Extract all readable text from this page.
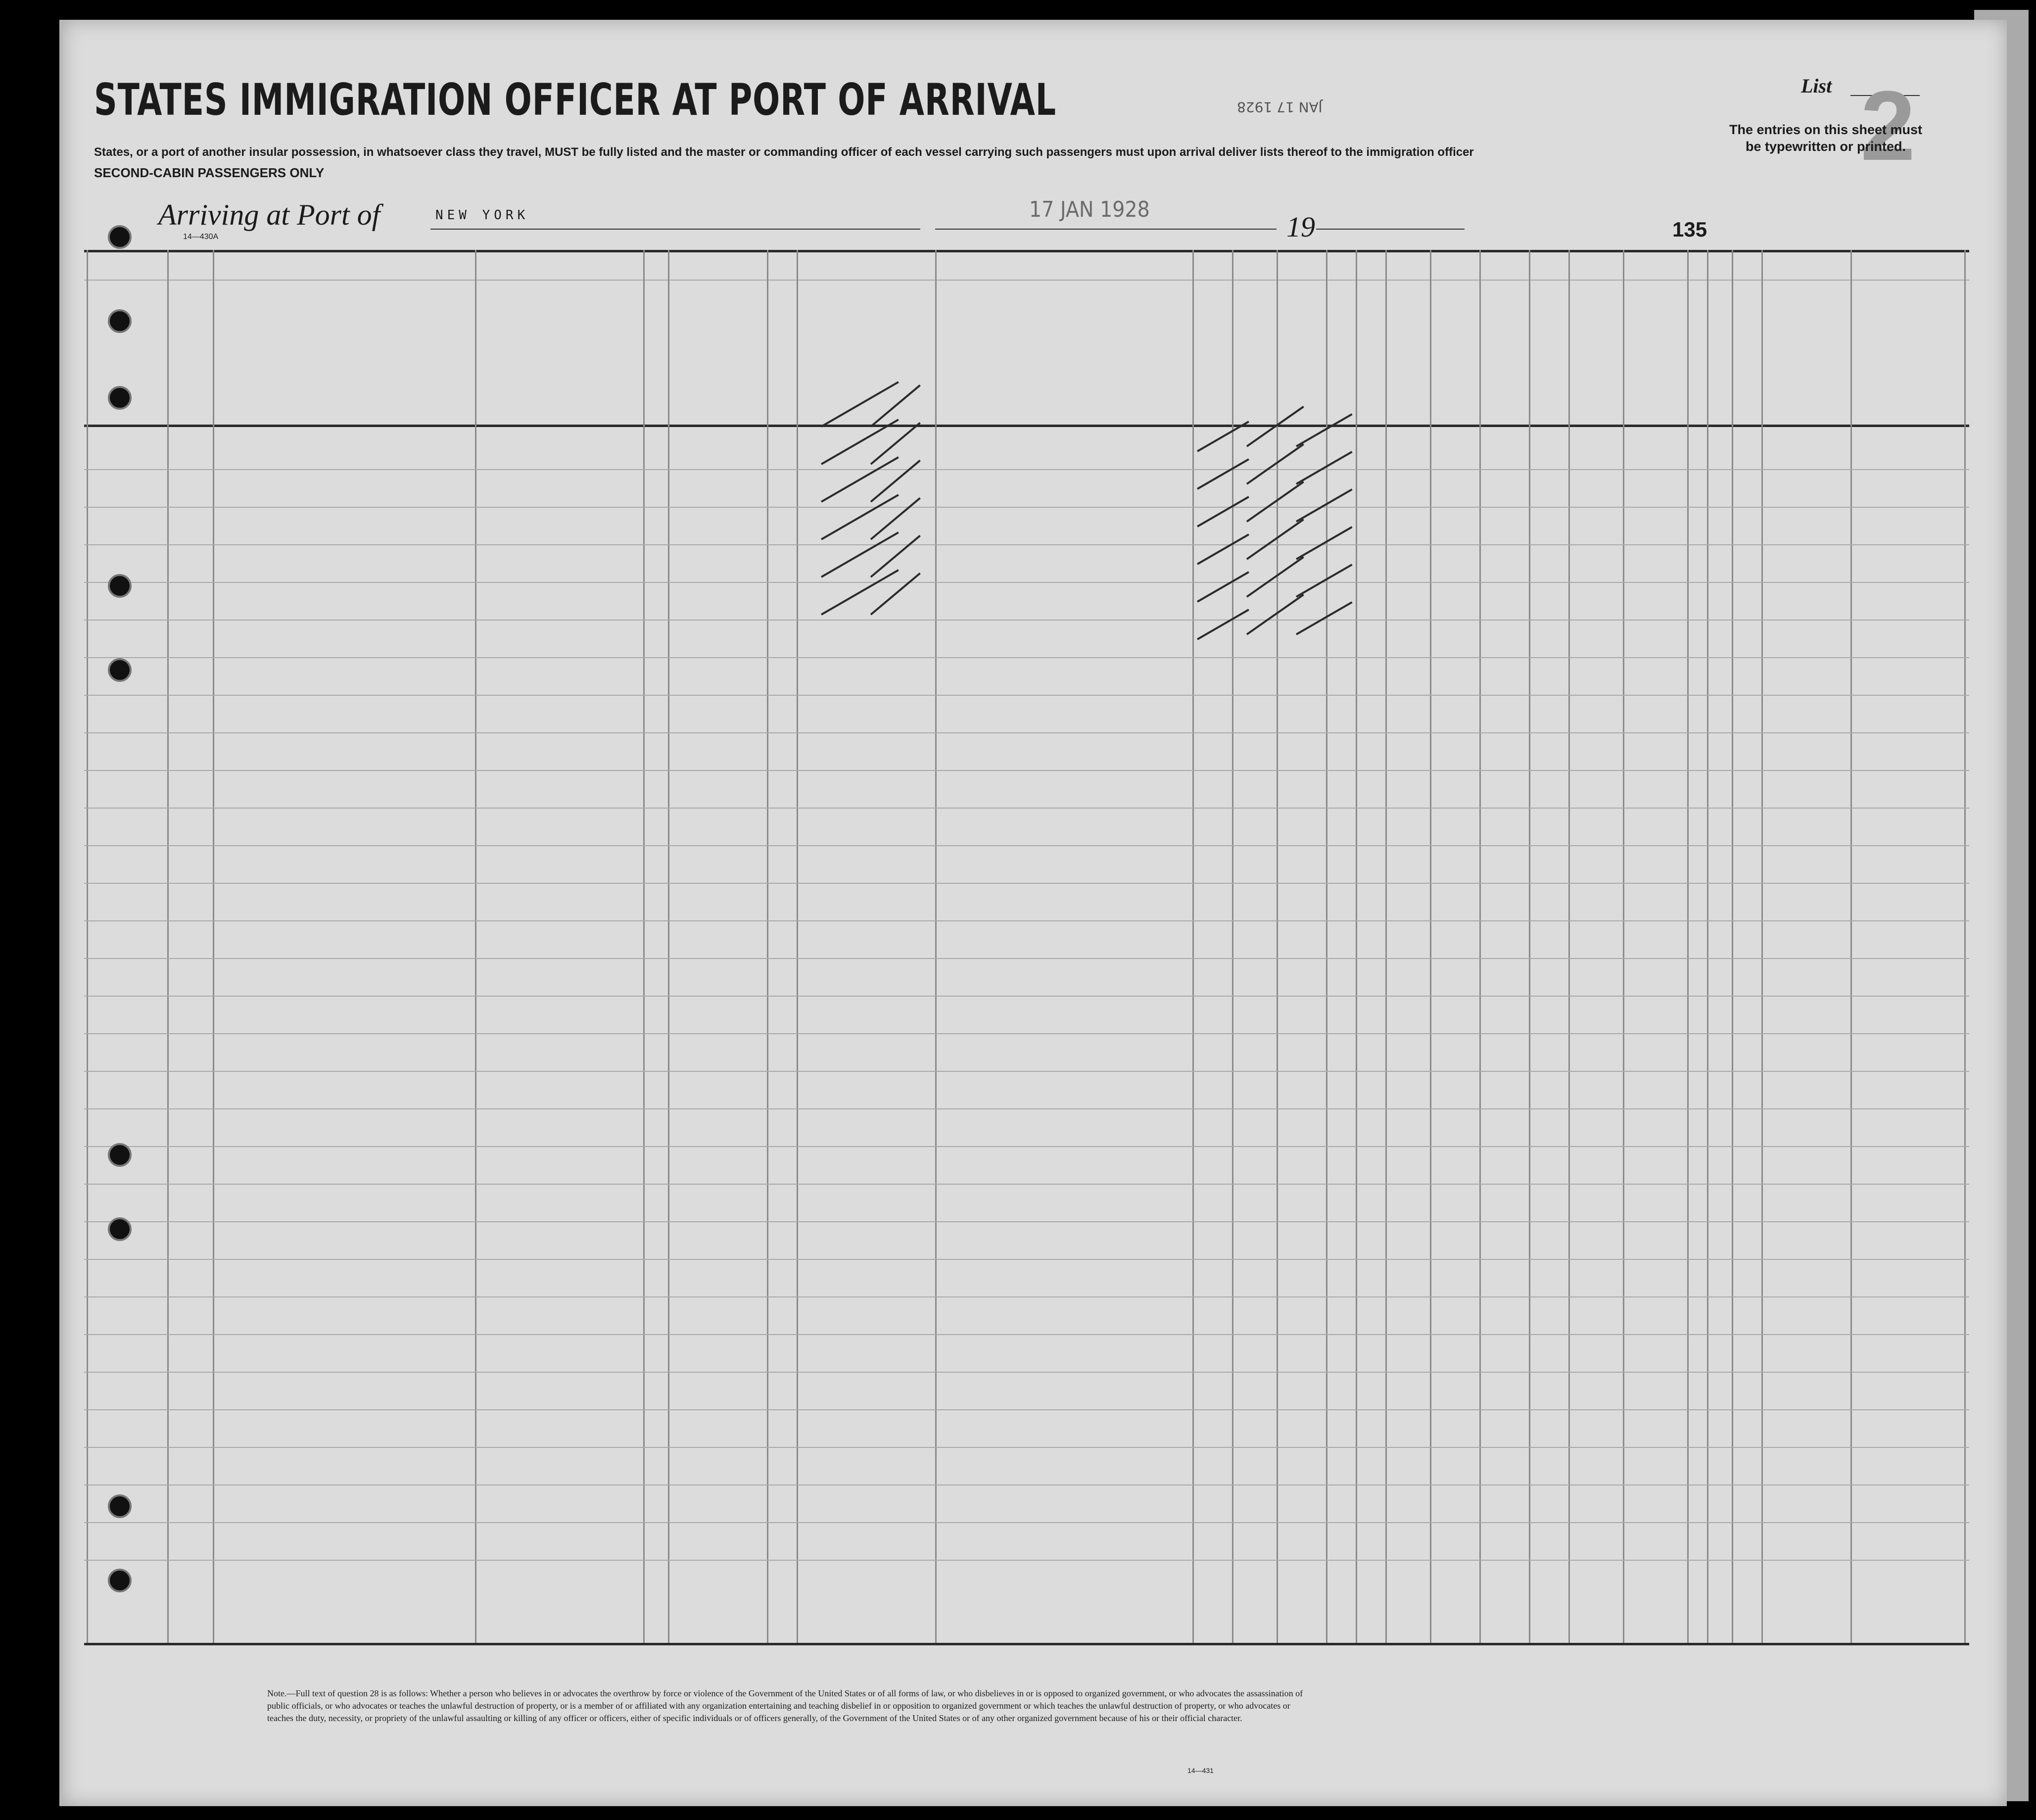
STATES IMMIGRATION OFFICER AT PORT OF ARRIVAL
States, or a port of another insular possession, in whatsoever class they travel, MUST be fully listed and the master or commanding officer of each vessel carrying such passengers must upon arrival deliver lists thereof to the immigration officer
SECOND-CABIN PASSENGERS ONLY
List 2
The entries on this sheet must be typewritten or printed.
JAN 17 1928
Arriving at Port of	NEW YORK	17 JAN 1928
19	135
14—430A
Note.—Full text of question 28 is as follows: Whether a person who believes in or advocates the overthrow by force or violence of the Government of the United States or of all forms of law, or who disbelieves in or is opposed to organized government, or who advocates the assassination of public officials, or who advocates or teaches the unlawful destruction of property, or is a member of or affiliated with any organization entertaining and teaching disbelief in or opposition to organized government or which teaches the unlawful destruction of property, or who advocates or teaches the duty, necessity, or propriety of the unlawful assaulting or killing of any officer or officers, either of specific individuals or of officers generally, of the Government of the United States or of any other organized government because of his or their official character.
14—431
